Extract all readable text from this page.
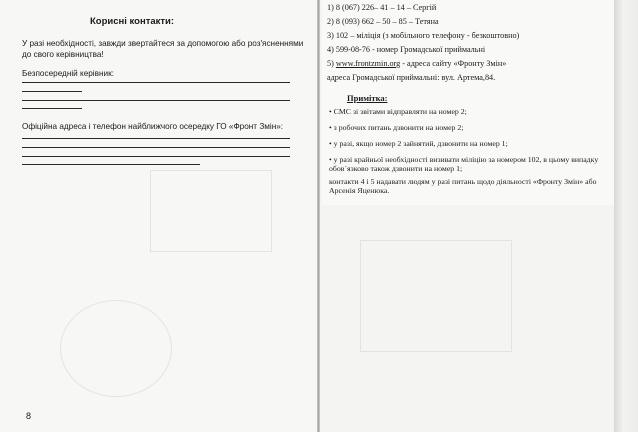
Корисні контакти:
У разі необхідності, завжди звертайтеся за допомогою або роз'ясненнями
до свого керівництва!
Безпосередній керівник:
Офіційна адреса і телефон найближчого осередку ГО «Фронт Змін»:
8
1) 8 (067) 226– 41 – 14 – Сергій
2) 8 (093) 662 – 50 – 85 – Тетяна
3) 102 – міліція (з мобільного телефону - безкоштовно)
4) 599-08-76 - номер Громадської приймальні
5) www.frontzmin.org - адреса сайту «Фронту Змін»
адреса Громадської приймальні: вул. Артема,84.
Примітка:
• СМС зі звітами відправляти на номер 2;
• з робочих питань дзвонити на номер 2;
• у разі, якщо номер 2 зайнятий, дзвонити на номер 1;
• у разі крайньої необхідності визивати міліцію за номером 102, в цьому випадку
обов`язково також дзвонити на номер 1;
контакти 4 і 5 надавати людям у разі питань щодо діяльності «Фронту Змін» або
Арсенія Яценюка.
